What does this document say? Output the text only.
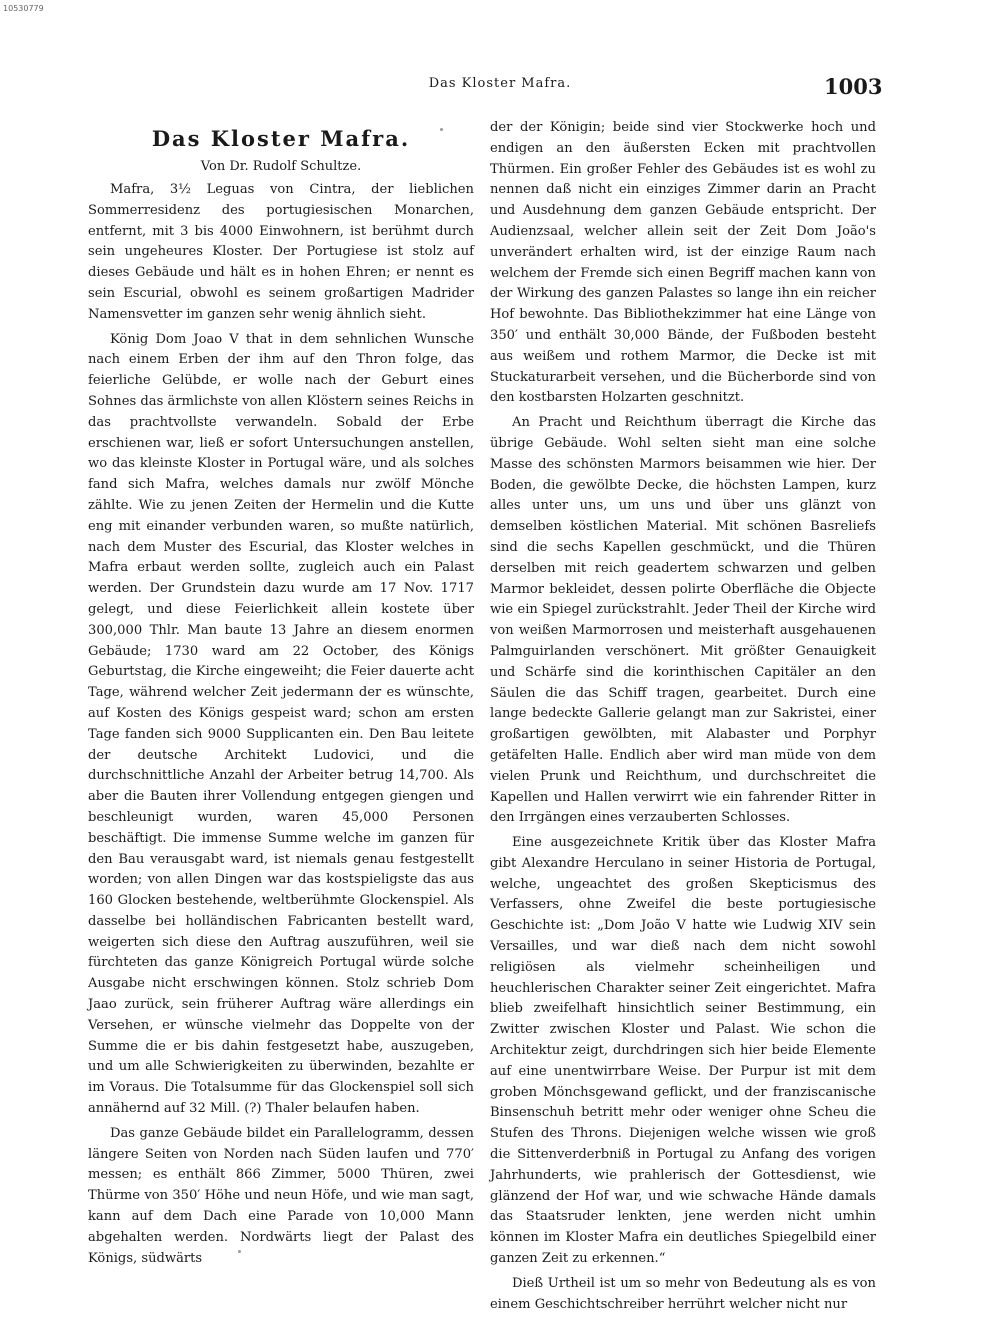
10530779
Das Kloster Mafra.	1003
Das Kloster Mafra.
Von Dr. Rudolf Schultze.

Mafra, 3½ Leguas von Cintra, der lieblichen Sommerresidenz des portugiesischen Monarchen, entfernt, mit 3 bis 4000 Einwohnern, ist berühmt durch sein ungeheures Kloster. Der Portugiese ist stolz auf dieses Gebäude und hält es in hohen Ehren; er nennt es sein Escurial, obwohl es seinem großartigen Madrider Namensvetter im ganzen sehr wenig ähnlich sieht.

König Dom Joao V that in dem sehnlichen Wunsche nach einem Erben der ihm auf den Thron folge, das feierliche Gelübde, er wolle nach der Geburt eines Sohnes das ärmlichste von allen Klöstern seines Reichs in das prachtvollste verwandeln. Sobald der Erbe erschienen war, ließ er sofort Untersuchungen anstellen, wo das kleinste Kloster in Portugal wäre, und als solches fand sich Mafra, welches damals nur zwölf Mönche zählte. Wie zu jenen Zeiten der Hermelin und die Kutte eng mit einander verbunden waren, so mußte natürlich, nach dem Muster des Escurial, das Kloster welches in Mafra erbaut werden sollte, zugleich auch ein Palast werden. Der Grundstein dazu wurde am 17 Nov. 1717 gelegt, und diese Feierlichkeit allein kostete über 300,000 Thlr. Man baute 13 Jahre an diesem enormen Gebäude; 1730 ward am 22 October, des Königs Geburtstag, die Kirche eingeweiht; die Feier dauerte acht Tage, während welcher Zeit jedermann der es wünschte, auf Kosten des Königs gespeist ward; schon am ersten Tage fanden sich 9000 Supplicanten ein. Den Bau leitete der deutsche Architekt Ludovici, und die durchschnittliche Anzahl der Arbeiter betrug 14,700. Als aber die Bauten ihrer Vollendung entgegen giengen und beschleunigt wurden, waren 45,000 Personen beschäftigt. Die immense Summe welche im ganzen für den Bau verausgabt ward, ist niemals genau festgestellt worden; von allen Dingen war das kostspieligste das aus 160 Glocken bestehende, weltberühmte Glockenspiel. Als dasselbe bei holländischen Fabricanten bestellt ward, weigerten sich diese den Auftrag auszuführen, weil sie fürchteten das ganze Königreich Portugal würde solche Ausgabe nicht erschwingen können. Stolz schrieb Dom Jaao zurück, sein früherer Auftrag wäre allerdings ein Versehen, er wünsche vielmehr das Doppelte von der Summe die er bis dahin festgesetzt habe, auszugeben, und um alle Schwierigkeiten zu überwinden, bezahlte er im Voraus. Die Totalsumme für das Glockenspiel soll sich annähernd auf 32 Mill. (?) Thaler belaufen haben.

Das ganze Gebäude bildet ein Parallelogramm, dessen längere Seiten von Norden nach Süden laufen und 770′ messen; es enthält 866 Zimmer, 5000 Thüren, zwei Thürme von 350′ Höhe und neun Höfe, und wie man sagt, kann auf dem Dach eine Parade von 10,000 Mann abgehalten werden. Nordwärts liegt der Palast des Königs, südwärts

der der Königin; beide sind vier Stockwerke hoch und endigen an den äußersten Ecken mit prachtvollen Thürmen. Ein großer Fehler des Gebäudes ist es wohl zu nennen daß nicht ein einziges Zimmer darin an Pracht und Ausdehnung dem ganzen Gebäude entspricht. Der Audienzsaal, welcher allein seit der Zeit Dom João's unverändert erhalten wird, ist der einzige Raum nach welchem der Fremde sich einen Begriff machen kann von der Wirkung des ganzen Palastes so lange ihn ein reicher Hof bewohnte. Das Bibliothekzimmer hat eine Länge von 350′ und enthält 30,000 Bände, der Fußboden besteht aus weißem und rothem Marmor, die Decke ist mit Stuckaturarbeit versehen, und die Bücherborde sind von den kostbarsten Holzarten geschnitzt.

An Pracht und Reichthum überragt die Kirche das übrige Gebäude. Wohl selten sieht man eine solche Masse des schönsten Marmors beisammen wie hier. Der Boden, die gewölbte Decke, die höchsten Lampen, kurz alles unter uns, um uns und über uns glänzt von demselben köstlichen Material. Mit schönen Basreliefs sind die sechs Kapellen geschmückt, und die Thüren derselben mit reich geadertem schwarzen und gelben Marmor bekleidet, dessen polirte Oberfläche die Objecte wie ein Spiegel zurückstrahlt. Jeder Theil der Kirche wird von weißen Marmorrosen und meisterhaft ausgehauenen Palmguirlanden verschönert. Mit größter Genauigkeit und Schärfe sind die korinthischen Capitäler an den Säulen die das Schiff tragen, gearbeitet. Durch eine lange bedeckte Gallerie gelangt man zur Sakristei, einer großartigen gewölbten, mit Alabaster und Porphyr getäfelten Halle. Endlich aber wird man müde von dem vielen Prunk und Reichthum, und durchschreitet die Kapellen und Hallen verwirrt wie ein fahrender Ritter in den Irrgängen eines verzauberten Schlosses.

Eine ausgezeichnete Kritik über das Kloster Mafra gibt Alexandre Herculano in seiner Historia de Portugal, welche, ungeachtet des großen Skepticismus des Verfassers, ohne Zweifel die beste portugiesische Geschichte ist: „Dom João V hatte wie Ludwig XIV sein Versailles, und war dieß nach dem nicht sowohl religiösen als vielmehr scheinheiligen und heuchlerischen Charakter seiner Zeit eingerichtet. Mafra blieb zweifelhaft hinsichtlich seiner Bestimmung, ein Zwitter zwischen Kloster und Palast. Wie schon die Architektur zeigt, durchdringen sich hier beide Elemente auf eine unentwirrbare Weise. Der Purpur ist mit dem groben Mönchsgewand geflickt, und der franziscanische Binsenschuh betritt mehr oder weniger ohne Scheu die Stufen des Throns. Diejenigen welche wissen wie groß die Sittenverderbniß in Portugal zu Anfang des vorigen Jahrhunderts, wie prahlerisch der Gottesdienst, wie glänzend der Hof war, und wie schwache Hände damals das Staatsruder lenkten, jene werden nicht umhin können im Kloster Mafra ein deutliches Spiegelbild einer ganzen Zeit zu erkennen.“

Dieß Urtheil ist um so mehr von Bedeutung als es von einem Geschichtschreiber herrührt welcher nicht nur
